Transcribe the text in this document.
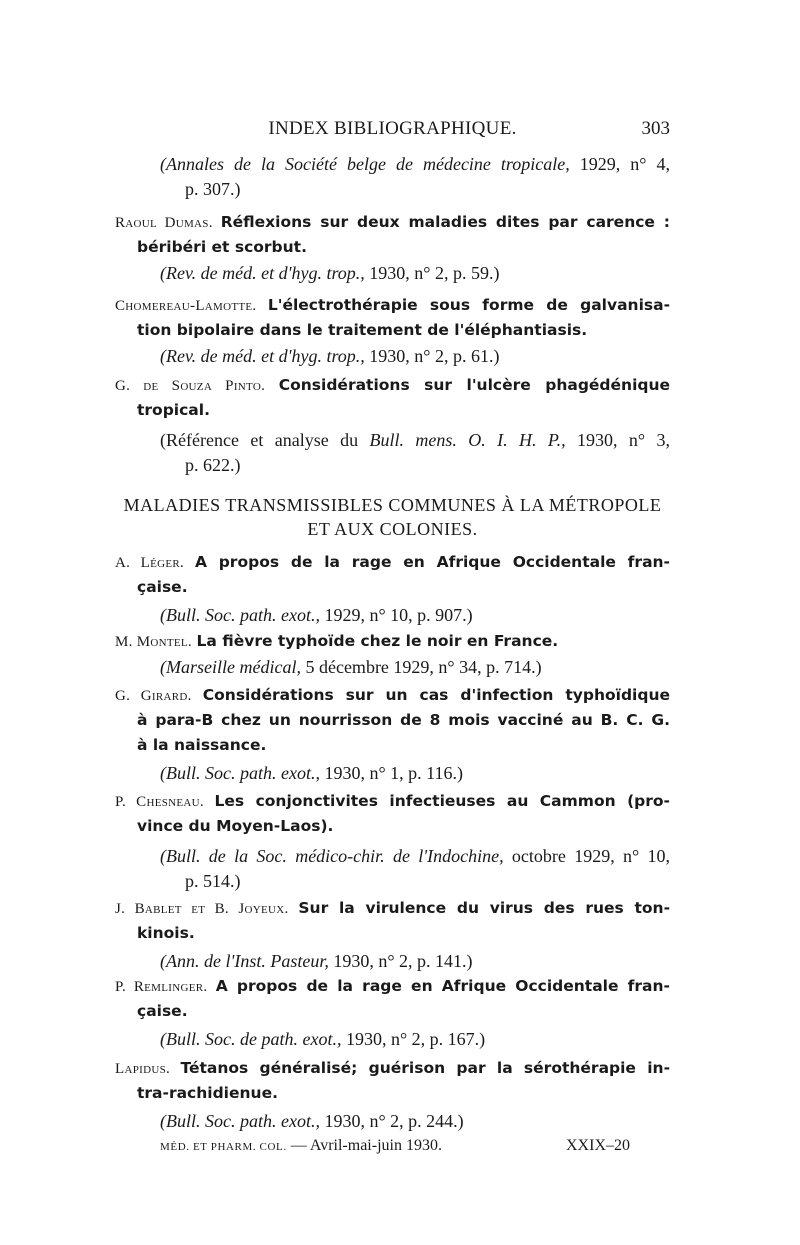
INDEX BIBLIOGRAPHIQUE.	303
(Annales de la Société belge de médecine tropicale, 1929, n° 4,
p. 307.)
Raoul Dumas. Réflexions sur deux maladies dites par carence :
béribéri et scorbut.
(Rev. de méd. et d'hyg. trop., 1930, n° 2, p. 59.)
Chomereau-Lamotte. L'électrothérapie sous forme de galvanisa-
tion bipolaire dans le traitement de l'éléphantiasis.
(Rev. de méd. et d'hyg. trop., 1930, n° 2, p. 61.)
G. de Souza Pinto. Considérations sur l'ulcère phagédénique
tropical.
(Référence et analyse du Bull. mens. O. I. H. P., 1930, n° 3,
p. 622.)
MALADIES TRANSMISSIBLES COMMUNES À LA MÉTROPOLE
ET AUX COLONIES.
A. Léger. A propos de la rage en Afrique Occidentale fran-
çaise.
(Bull. Soc. path. exot., 1929, n° 10, p. 907.)
M. Montel. La fièvre typhoïde chez le noir en France.
(Marseille médical, 5 décembre 1929, n° 34, p. 714.)
G. Girard. Considérations sur un cas d'infection typhoïdique
à para-B chez un nourrisson de 8 mois vacciné au B. C. G.
à la naissance.
(Bull. Soc. path. exot., 1930, n° 1, p. 116.)
P. Chesneau. Les conjonctivites infectieuses au Cammon (pro-
vince du Moyen-Laos).
(Bull. de la Soc. médico-chir. de l'Indochine, octobre 1929, n° 10,
p. 514.)
J. Bablet et B. Joyeux. Sur la virulence du virus des rues ton-
kinois.
(Ann. de l'Inst. Pasteur, 1930, n° 2, p. 141.)
P. Remlinger. A propos de la rage en Afrique Occidentale fran-
çaise.
(Bull. Soc. de path. exot., 1930, n° 2, p. 167.)
Lapidus. Tétanos généralisé; guérison par la sérothérapie in-
tra-rachidienue.
(Bull. Soc. path. exot., 1930, n° 2, p. 244.)
MÉD. ET PHARM. COL. — Avril-mai-juin 1930.	XXIX–20
